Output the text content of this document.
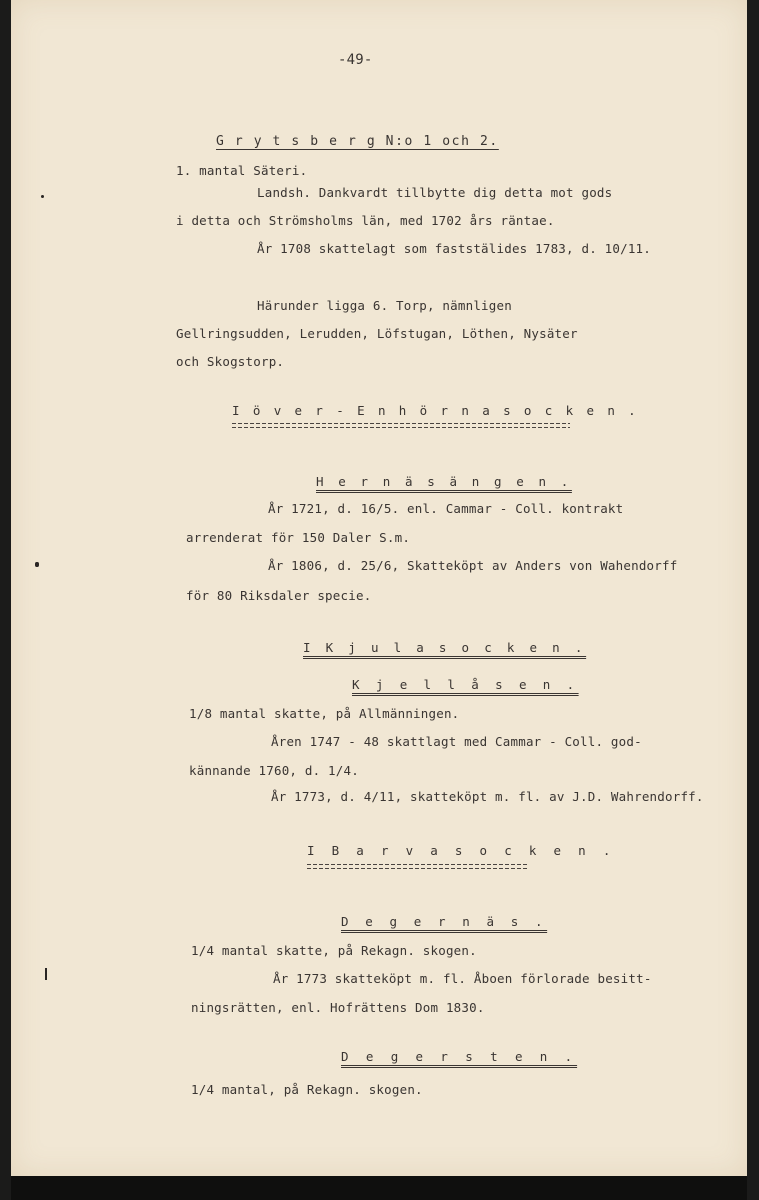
-49-
G r y t s b e r g N:o 1 och 2.
1. mantal Säteri.
Landsh. Dankvardt tillbytte dig detta mot gods
i detta och Strömsholms län, med 1702 års räntae.
År 1708 skattelagt som faststälides 1783, d. 10/11.
Härunder ligga 6. Torp, nämnligen
Gellringsudden, Lerudden, Löfstugan, Löthen, Nysäter
och Skogstorp.
I ö v e r - E n h ö r n a s o c k e n .
H e r n ä s ä n g e n .
År 1721, d. 16/5. enl. Cammar - Coll. kontrakt
arrenderat för 150 Daler S.m.
År 1806, d. 25/6, Skatteköpt av Anders von Wahendorff
för 80 Riksdaler specie.
I K j u l a s o c k e n .
K j e l l å s e n .
1/8 mantal skatte, på Allmänningen.
Åren 1747 - 48 skattlagt med Cammar - Coll. god-
kännande 1760, d. 1/4.
År 1773, d. 4/11, skatteköpt m. fl. av J.D. Wahrendorff.
I B a r v a s o c k e n .
D e g e r n ä s .
1/4 mantal skatte, på Rekagn. skogen.
År 1773 skatteköpt m. fl. Åboen förlorade besitt-
ningsrätten, enl. Hofrättens Dom 1830.
D e g e r s t e n .
1/4 mantal, på Rekagn. skogen.
